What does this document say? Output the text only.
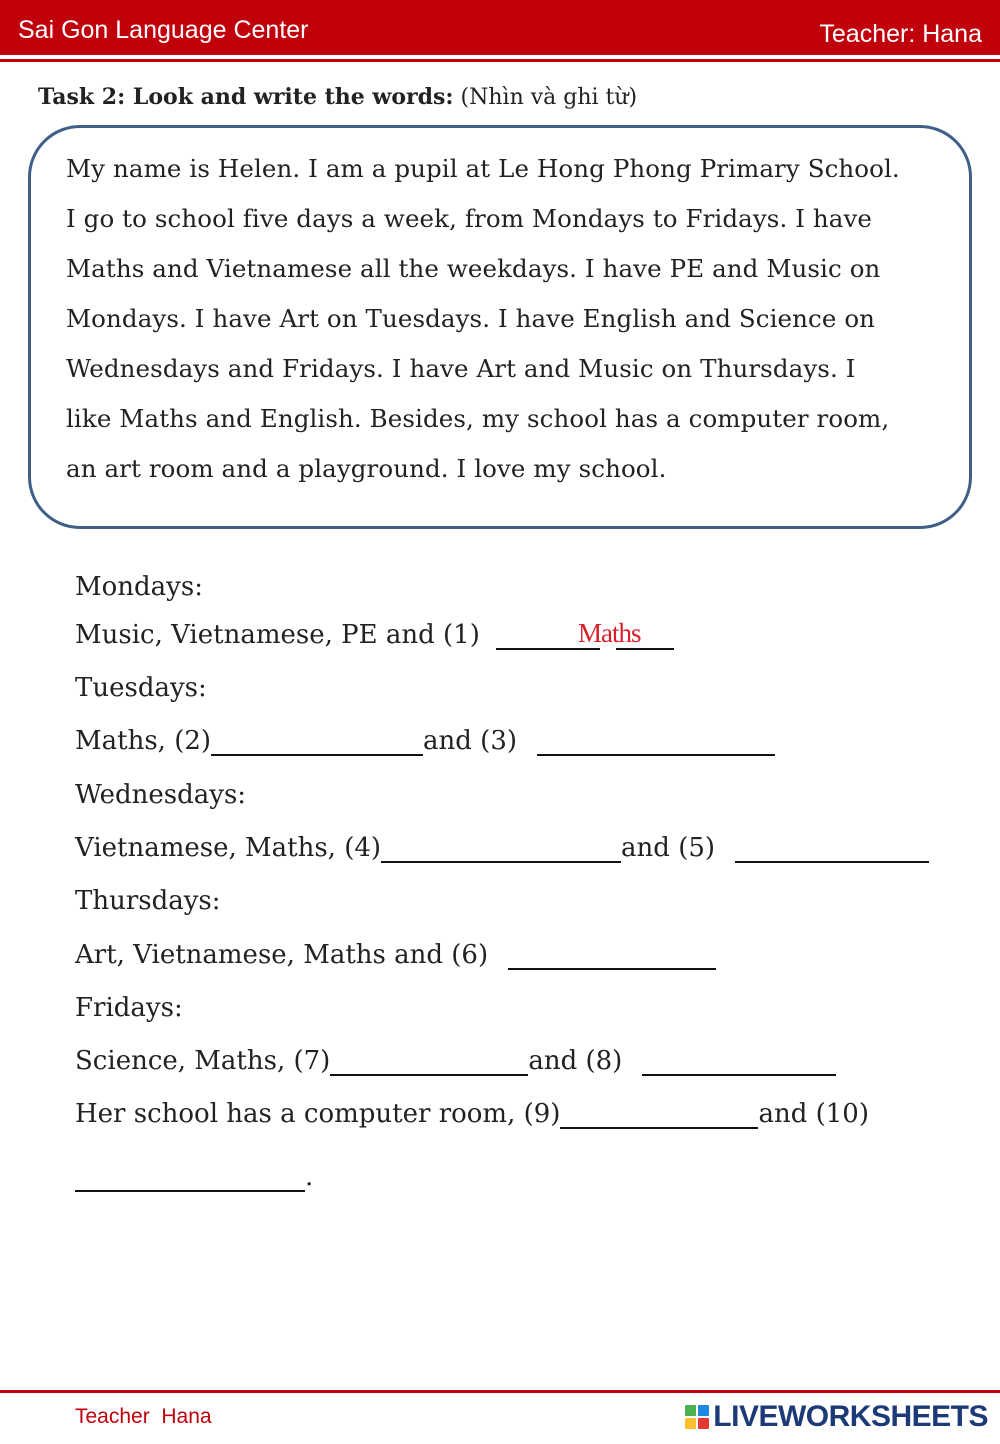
Sai Gon Language Center	Teacher: Hana
Task 2: Look and write the words: (Nhìn và ghi từ)
My name is Helen. I am a pupil at Le Hong Phong Primary School.
I go to school five days a week, from Mondays to Fridays. I have
Maths and Vietnamese all the weekdays. I have PE and Music on
Mondays. I have Art on Tuesdays. I have English and Science on
Wednesdays and Fridays. I have Art and Music on Thursdays. I
like Maths and English. Besides, my school has a computer room,
an art room and a playground. I love my school.
Mondays:
Music, Vietnamese, PE and (1)	Maths
Tuesdays:
Maths, (2)	and (3)
Wednesdays:
Vietnamese, Maths, (4)	and (5)
Thursdays:
Art, Vietnamese, Maths and (6)
Fridays:
Science, Maths, (7)	and (8)
Her school has a computer room, (9)	and (10)
.
Teacher  Hana	LIVEWORKSHEETS
